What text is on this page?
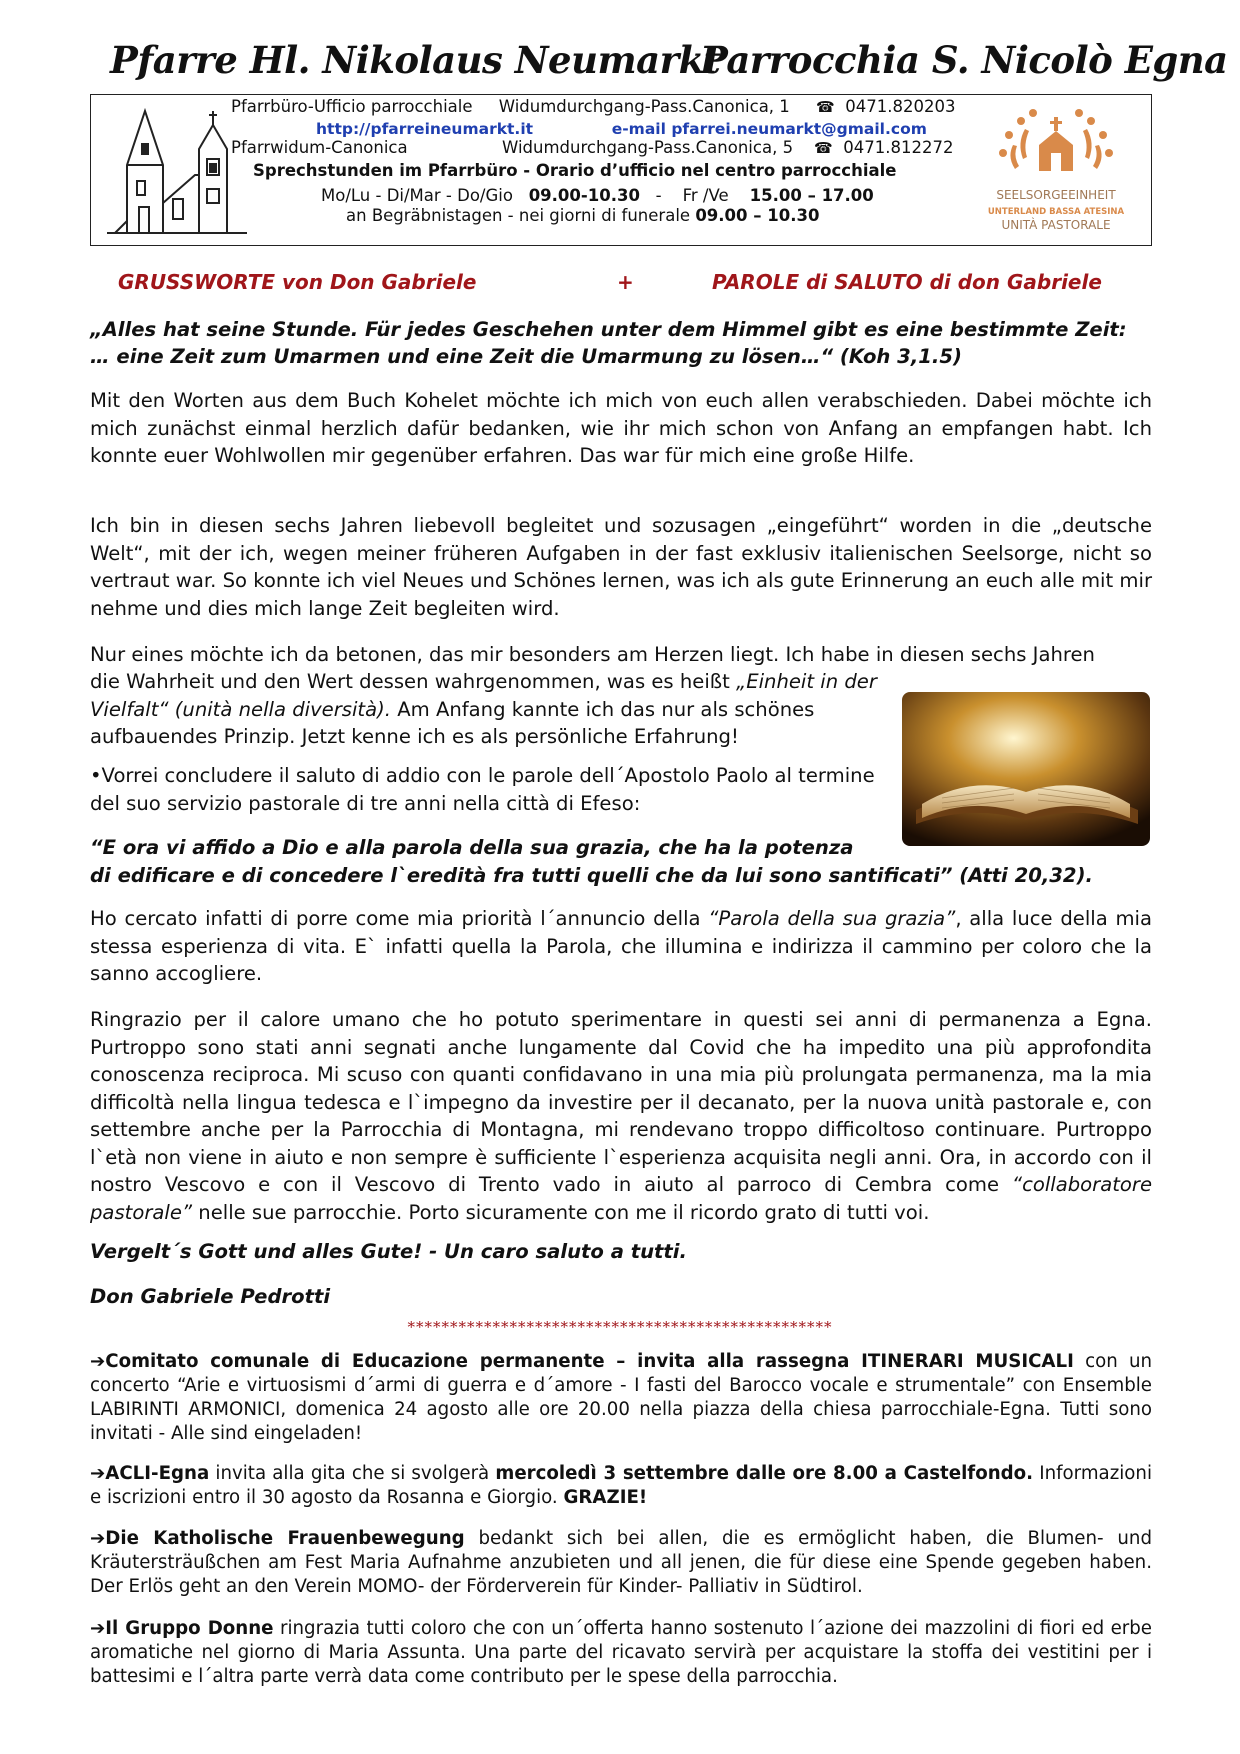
Pfarre Hl. Nikolaus Neumarkt
Parrocchia S. Nicolò Egna
Pfarrbüro-Ufficio parrocchiale Widumdurchgang-Pass.Canonica, 1 ☎ 0471.820203
http://pfarreineumarkt.it	e-mail pfarrei.neumarkt@gmail.com
Pfarrwidum-Canonica	Widumdurchgang-Pass.Canonica, 5 ☎ 0471.812272
Sprechstunden im Pfarrbüro - Orario d’ufficio nel centro parrocchiale
Mo/Lu - Di/Mar - Do/Gio 09.00-10.30   -    Fr /Ve 15.00 – 17.00
an Begräbnistagen - nei giorni di funerale 09.00 – 10.30
SEELSORGEEINHEIT
UNTERLAND BASSA ATESINA
UNITÀ PASTORALE
GRUSSWORTE von Don Gabriele	+	PAROLE di SALUTO di don Gabriele
„Alles hat seine Stunde. Für jedes Geschehen unter dem Himmel gibt es eine bestimmte Zeit: … eine Zeit zum Umarmen und eine Zeit die Umarmung zu lösen…“ (Koh 3,1.5)
Mit den Worten aus dem Buch Kohelet möchte ich mich von euch allen verabschieden. Dabei möchte ich mich zunächst einmal herzlich dafür bedanken, wie ihr mich schon von Anfang an empfangen habt. Ich konnte euer Wohlwollen mir gegenüber erfahren. Das war für mich eine große Hilfe.
Ich bin in diesen sechs Jahren liebevoll begleitet und sozusagen „eingeführt“ worden in die „deutsche Welt“, mit der ich, wegen meiner früheren Aufgaben in der fast exklusiv italienischen Seelsorge, nicht so vertraut war. So konnte ich viel Neues und Schönes lernen, was ich als gute Erinnerung an euch alle mit mir nehme und dies mich lange Zeit begleiten wird.
Nur eines möchte ich da betonen, das mir besonders am Herzen liegt. Ich habe in diesen sechs Jahren
die Wahrheit und den Wert dessen wahrgenommen, was es heißt „Einheit in der Vielfalt“ (unità nella diversità). Am Anfang kannte ich das nur als schönes aufbauendes Prinzip. Jetzt kenne ich es als persönliche Erfahrung!
•Vorrei concludere il saluto di addio con le parole dell´Apostolo Paolo al termine del suo servizio pastorale di tre anni nella città di Efeso:
“E ora vi affido a Dio e alla parola della sua grazia, che ha la potenza
di edificare e di concedere l`eredità fra tutti quelli che da lui sono santificati” (Atti 20,32).
Ho cercato infatti di porre come mia priorità l´annuncio della “Parola della sua grazia”, alla luce della mia stessa esperienza di vita. E` infatti quella la Parola, che illumina e indirizza il cammino per coloro che la sanno accogliere.
Ringrazio per il calore umano che ho potuto sperimentare in questi sei anni di permanenza a Egna. Purtroppo sono stati anni segnati anche lungamente dal Covid che ha impedito una più approfondita conoscenza reciproca. Mi scuso con quanti confidavano in una mia più prolungata permanenza, ma la mia difficoltà nella lingua tedesca e l`impegno da investire per il decanato, per la nuova unità pastorale e, con settembre anche per la Parrocchia di Montagna, mi rendevano troppo difficoltoso continuare. Purtroppo l`età non viene in aiuto e non sempre è sufficiente l`esperienza acquisita negli anni. Ora, in accordo con il nostro Vescovo e con il Vescovo di Trento vado in aiuto al parroco di Cembra come “collaboratore pastorale” nelle sue parrocchie. Porto sicuramente con me il ricordo grato di tutti voi.
Vergelt´s Gott und alles Gute! - Un caro saluto a tutti.
Don Gabriele Pedrotti
**************************************************
➔Comitato comunale di Educazione permanente – invita alla rassegna ITINERARI MUSICALI con un concerto “Arie e virtuosismi d´armi di guerra e d´amore - I fasti del Barocco vocale e strumentale” con Ensemble LABIRINTI ARMONICI, domenica 24 agosto alle ore 20.00 nella piazza della chiesa parrocchiale-Egna. Tutti sono invitati - Alle sind eingeladen!
➔ACLI-Egna invita alla gita che si svolgerà mercoledì 3 settembre dalle ore 8.00 a Castelfondo. Informazioni e iscrizioni entro il 30 agosto da Rosanna e Giorgio. GRAZIE!
➔Die Katholische Frauenbewegung bedankt sich bei allen, die es ermöglicht haben, die Blumen- und Kräutersträußchen am Fest Maria Aufnahme anzubieten und all jenen, die für diese eine Spende gegeben haben. Der Erlös geht an den Verein MOMO- der Förderverein für Kinder- Palliativ in Südtirol.
➔Il Gruppo Donne ringrazia tutti coloro che con un´offerta hanno sostenuto l´azione dei mazzolini di fiori ed erbe aromatiche nel giorno di Maria Assunta. Una parte del ricavato servirà per acquistare la stoffa dei vestitini per i battesimi e l´altra parte verrà data come contributo per le spese della parrocchia.
